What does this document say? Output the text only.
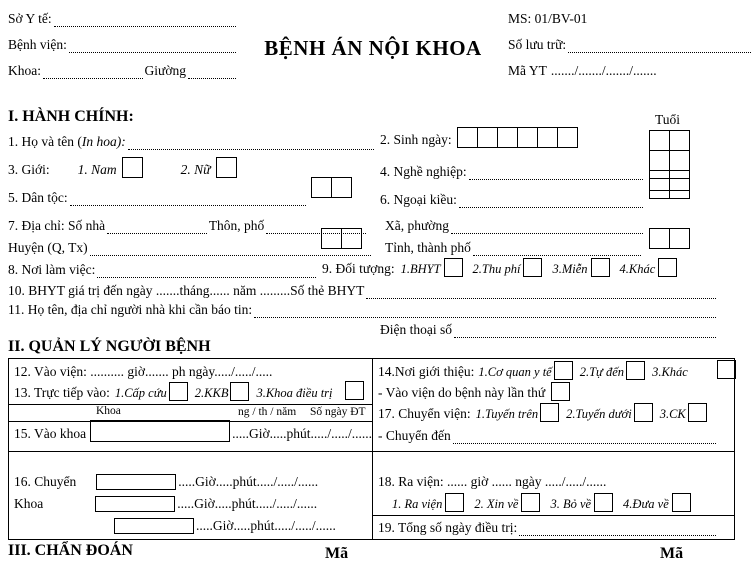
Sở Y tế:
Bệnh viện:
Khoa:	Giường
BỆNH ÁN NỘI KHOA
MS: 01/BV-01
Số lưu trữ:
Mã YT ......./......./......./.......
I. HÀNH CHÍNH:	Tuổi
1. Họ và tên (In hoa):	2. Sinh ngày:
3. Giới: 1. Nam	2. Nữ	4. Nghề nghiệp:
5. Dân tộc:	6. Ngoại kiều:
7. Địa chỉ: Số nhà	Thôn, phố	Xã, phường
Huyện (Q, Tx)	Tỉnh, thành phố
8. Nơi làm việc:	9. Đối tượng: 1.BHYT	2.Thu phí	3.Miễn	4.Khác
10. BHYT giá trị đến ngày .......tháng...... năm .........Số thẻ BHYT
11. Họ tên, địa chỉ người nhà khi cần báo tin:
Điện thoại số
II. QUẢN LÝ NGƯỜI BỆNH
12. Vào viện: .......... giờ....... ph ngày...../...../.....
13. Trực tiếp vào: 1.Cấp cứu 2.KKB 3.Khoa điều trị
Khoa	ng / th / năm Số ngày ĐT
15. Vào khoa	.....Giờ.....phút...../...../......
16. Chuyển	.....Giờ.....phút...../...../......
Khoa	.....Giờ.....phút...../...../......
.....Giờ.....phút...../...../......
14.Nơi giới thiệu: 1.Cơ quan y tế 2.Tự đến 3.Khác
- Vào viện do bệnh này lần thứ
17. Chuyển viện: 1.Tuyến trên 2.Tuyến dưới 3.CK
- Chuyển đến
18. Ra viện: ...... giờ ...... ngày ...../...../......
1. Ra viện	2. Xin về	3. Bỏ về	4.Đưa về
19. Tổng số ngày điều trị:
III. CHẨN ĐOÁN	Mã	Mã
